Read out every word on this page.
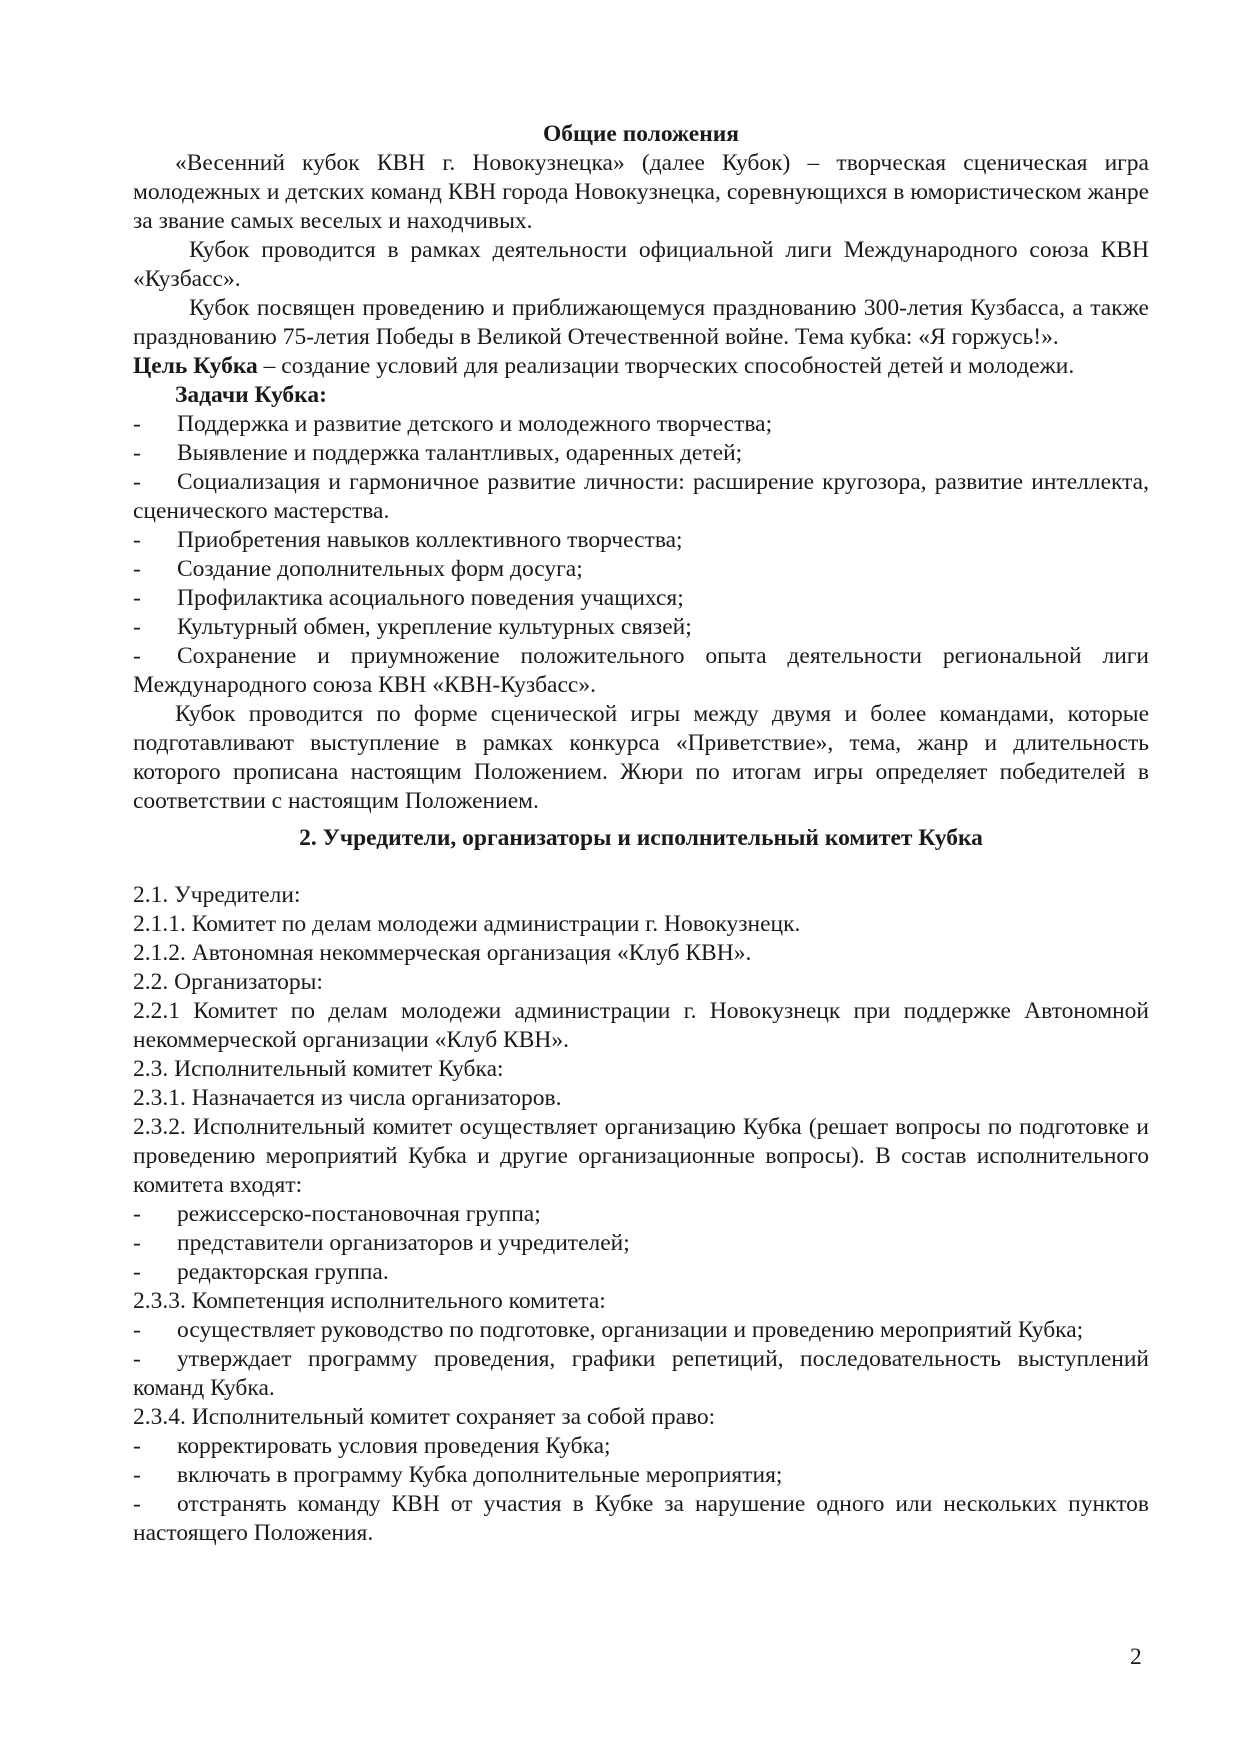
Общие положения

«Весенний кубок КВН г. Новокузнецка» (далее Кубок) – творческая сценическая игра молодежных и детских команд КВН города Новокузнецка, соревнующихся в юмористическом жанре за звание самых веселых и находчивых.

Кубок проводится в рамках деятельности официальной лиги Международного союза КВН «Кузбасс».

Кубок посвящен проведению и приближающемуся празднованию 300-летия Кузбасса, а также празднованию 75-летия Победы в Великой Отечественной войне. Тема кубка: «Я горжусь!».

Цель Кубка – создание условий для реализации творческих способностей детей и молодежи.

Задачи Кубка:

-	Поддержка и развитие детского и молодежного творчества;
-	Выявление и поддержка талантливых, одаренных детей;

- Социализация и гармоничное развитие личности: расширение кругозора, развитие интеллекта, сценического мастерства.

-	Приобретения навыков коллективного творчества;
-	Создание дополнительных форм досуга;
-	Профилактика асоциального поведения учащихся;
-	Культурный обмен, укрепление культурных связей;

- Сохранение и приумножение положительного опыта деятельности региональной лиги Международного союза КВН «КВН-Кузбасс».

Кубок проводится по форме сценической игры между двумя и более командами, которые подготавливают выступление в рамках конкурса «Приветствие», тема, жанр и длительность которого прописана настоящим Положением. Жюри по итогам игры определяет победителей в соответствии с настоящим Положением.

2. Учредители, организаторы и исполнительный комитет Кубка

2.1. Учредители:

2.1.1. Комитет по делам молодежи администрации г. Новокузнецк.

2.1.2. Автономная некоммерческая организация «Клуб КВН».

2.2. Организаторы:

2.2.1 Комитет по делам молодежи администрации г. Новокузнецк при поддержке Автономной некоммерческой организации «Клуб КВН».

2.3. Исполнительный комитет Кубка:

2.3.1. Назначается из числа организаторов.

2.3.2. Исполнительный комитет осуществляет организацию Кубка (решает вопросы по подготовке и проведению мероприятий Кубка и другие организационные вопросы). В состав исполнительного комитета входят:

-	режиссерско-постановочная группа;
-	представители организаторов и учредителей;
-	редакторская группа.

2.3.3. Компетенция исполнительного комитета:

-	осуществляет руководство по подготовке, организации и проведению мероприятий Кубка;

- утверждает программу проведения, графики репетиций, последовательность выступлений команд Кубка.

2.3.4. Исполнительный комитет сохраняет за собой право:

-	корректировать условия проведения Кубка;
-	включать в программу Кубка дополнительные мероприятия;

- отстранять команду КВН от участия в Кубке за нарушение одного или нескольких пунктов настоящего Положения.

2
